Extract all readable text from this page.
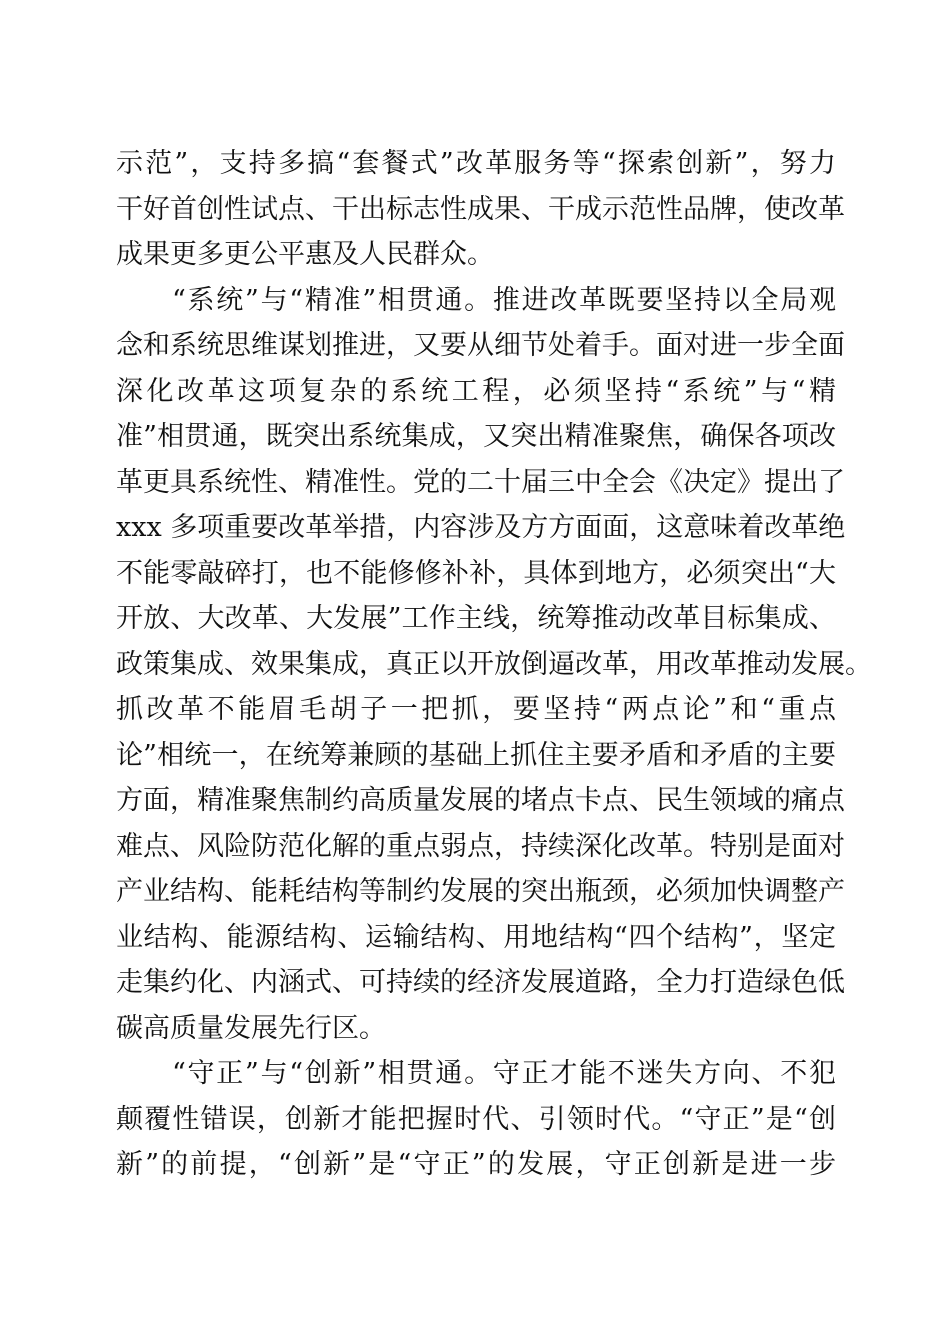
示范”，支持多搞“套餐式”改革服务等“探索创新”，努力
干好首创性试点、干出标志性成果、干成示范性品牌，使改革
成果更多更公平惠及人民群众。
“系统”与“精准”相贯通。推进改革既要坚持以全局观
念和系统思维谋划推进，又要从细节处着手。面对进一步全面
深化改革这项复杂的系统工程，必须坚持“系统”与“精
准”相贯通，既突出系统集成，又突出精准聚焦，确保各项改
革更具系统性、精准性。党的二十届三中全会《决定》提出了
xxx 多项重要改革举措，内容涉及方方面面，这意味着改革绝
不能零敲碎打，也不能修修补补，具体到地方，必须突出“大
开放、大改革、大发展”工作主线，统筹推动改革目标集成、
政策集成、效果集成，真正以开放倒逼改革，用改革推动发展。
抓改革不能眉毛胡子一把抓，要坚持“两点论”和“重点
论”相统一，在统筹兼顾的基础上抓住主要矛盾和矛盾的主要
方面，精准聚焦制约高质量发展的堵点卡点、民生领域的痛点
难点、风险防范化解的重点弱点，持续深化改革。特别是面对
产业结构、能耗结构等制约发展的突出瓶颈，必须加快调整产
业结构、能源结构、运输结构、用地结构“四个结构”，坚定
走集约化、内涵式、可持续的经济发展道路，全力打造绿色低
碳高质量发展先行区。
“守正”与“创新”相贯通。守正才能不迷失方向、不犯
颠覆性错误，创新才能把握时代、引领时代。“守正”是“创
新”的前提，“创新”是“守正”的发展，守正创新是进一步
